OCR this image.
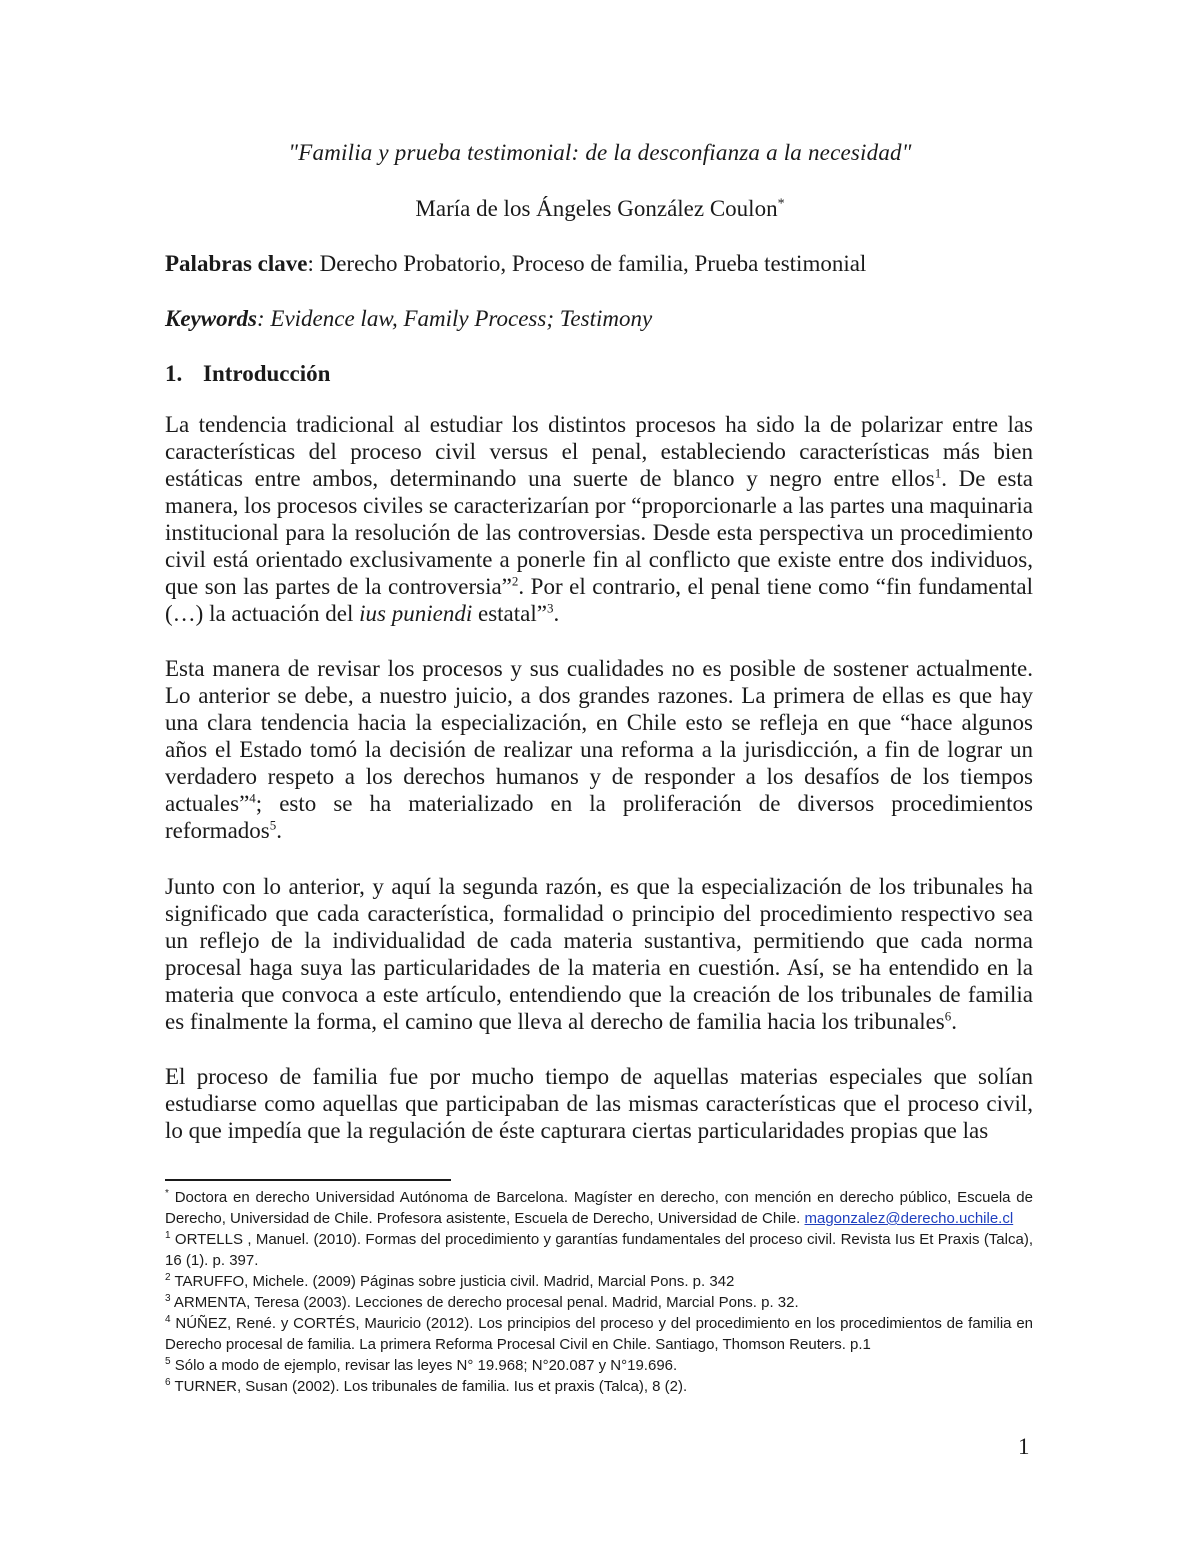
"Familia y prueba testimonial: de la desconfianza a la necesidad"
María de los Ángeles González Coulon*
Palabras clave: Derecho Probatorio, Proceso de familia, Prueba testimonial
Keywords: Evidence law, Family Process; Testimony
1. Introducción

La tendencia tradicional al estudiar los distintos procesos ha sido la de polarizar entre las características del proceso civil versus el penal, estableciendo características más bien estáticas entre ambos, determinando una suerte de blanco y negro entre ellos$^1$. De esta manera, los procesos civiles se caracterizarían por “proporcionarle a las partes una maquinaria institucional para la resolución de las controversias. Desde esta perspectiva un procedimiento civil está orientado exclusivamente a ponerle fin al conflicto que existe entre dos individuos, que son las partes de la controversia”$^2$. Por el contrario, el penal tiene como “fin fundamental (…) la actuación del ius puniendi estatal”$^3$.

Esta manera de revisar los procesos y sus cualidades no es posible de sostener actualmente. Lo anterior se debe, a nuestro juicio, a dos grandes razones. La primera de ellas es que hay una clara tendencia hacia la especialización, en Chile esto se refleja en que “hace algunos años el Estado tomó la decisión de realizar una reforma a la jurisdicción, a fin de lograr un verdadero respeto a los derechos humanos y de responder a los desafíos de los tiempos actuales”$^4$; esto se ha materializado en la proliferación de diversos procedimientos reformados$^5$.

Junto con lo anterior, y aquí la segunda razón, es que la especialización de los tribunales ha significado que cada característica, formalidad o principio del procedimiento respectivo sea un reflejo de la individualidad de cada materia sustantiva, permitiendo que cada norma procesal haga suya las particularidades de la materia en cuestión. Así, se ha entendido en la materia que convoca a este artículo, entendiendo que la creación de los tribunales de familia es finalmente la forma, el camino que lleva al derecho de familia hacia los tribunales$^6$.

El proceso de familia fue por mucho tiempo de aquellas materias especiales que solían estudiarse como aquellas que participaban de las mismas características que el proceso civil, lo que impedía que la regulación de éste capturara ciertas particularidades propias que las

* Doctora en derecho Universidad Autónoma de Barcelona. Magíster en derecho, con mención en derecho público, Escuela de Derecho, Universidad de Chile. Profesora asistente, Escuela de Derecho, Universidad de Chile. magonzalez@derecho.uchile.cl

$^1$ ORTELLS , Manuel. (2010). Formas del procedimiento y garantías fundamentales del proceso civil. Revista Ius Et Praxis (Talca), 16 (1). p. 397.

$^2$ TARUFFO, Michele. (2009) Páginas sobre justicia civil. Madrid, Marcial Pons. p. 342

$^3$ ARMENTA, Teresa (2003). Lecciones de derecho procesal penal. Madrid, Marcial Pons. p. 32.

$^4$ NÚÑEZ, René. y CORTÉS, Mauricio (2012). Los principios del proceso y del procedimiento en los procedimientos de familia en Derecho procesal de familia. La primera Reforma Procesal Civil en Chile. Santiago, Thomson Reuters. p.1

$^5$ Sólo a modo de ejemplo, revisar las leyes N° 19.968; N°20.087 y N°19.696.

$^6$ TURNER, Susan (2002). Los tribunales de familia. Ius et praxis (Talca), 8 (2).

1
